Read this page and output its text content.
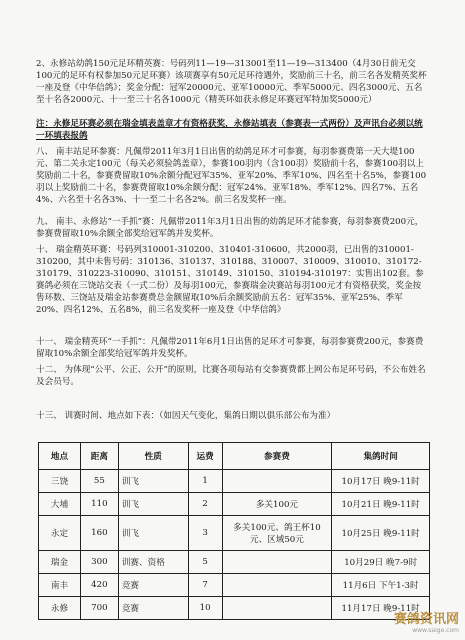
2、永修站幼鸽150元足环精英赛：号码列11—19—313001至11—19—313400（4月30日前无交100元的足环有权参加50元足环赛）该项赛享有50元足环待遇外，奖励前三十名，前三名各发精英奖杯一座及登《中华信鸽》；奖金分配：冠军20000元、亚军10000元、季军5000元、四名3000元、五名至十名各2000元、十一至三十名各1000元（精英环如获永修足环赛冠军特加奖5000元）
注：永修足环赛必须在瑞金填表盖章才有资格获奖，永修站填表（参赛表一式两份）及声讯台必须以统一环填表报鸽
八、 南丰站足环参赛：凡佩带2011年3月1日出售的幼鸽足环才可参赛，每羽参赛费第一天大堤100元、第二关永定100元（每关必须验鸽盖章），参赛100羽内（含100羽）奖励前十名，参赛100羽以上奖励前二十名，参赛费留取10%余额分配冠军35%、亚军20%、季军10%、四名至十名5%，参赛100羽以上奖励前二十名，参赛费留取10%余额分配：冠军24%、亚军18%、季军12%、四名7%、五名4%、六名至十名各3%、十一至二十名各2%。前三名发奖杯一座。
九、 南丰、永修站“一手抓”赛：凡佩带2011年3月1日出售的幼鸽足环才能参赛，每羽参赛费200元，参赛费留取10%余额全部奖给冠军鸽并发奖杯。
十、 瑞金精英环赛：号码列310001-310200、310401-310600，共2000羽，已出售的310001-310200，其中未售号码：310136、310137、310188、310007、310009、310010、310172-310179、310223-310090、310151、310149、310150、310194-310197：实售出102套。参赛鸽必须在三饶站交表（一式二份）及每羽100元，参赛瑞金决赛站每羽100元才有资格获奖，奖金按售环数、三饶站及瑞金站参赛费总金额留取10%后余额奖励前五名：冠军35%、亚军25%、季军20%、四名12%、五名8%，前三名发奖杯一座及登《中华信鸽》
十一、 瑞金精英环“一手抓”：凡佩带2011年6月1日出售的足环才可参赛，每羽参赛费200元，参赛费留取10%余额全部奖给冠军鸽并发奖杯。
十二、 为体现“公平、公正、公开”的原则，比赛各项每站有交参赛费都上网公布足环号码，不公布姓名及会员号。
十三、 训赛时间、地点如下表：（如因天气变化，集鸽日期以俱乐部公布为准）
地点	距离	性质	运费	参赛费	集鸽时间
三饶	55	训飞	1		10月17日 晚9-11时
大埔	110	训飞	2	多关100元	10月21日 晚9-11时
永定	160	训飞	3	多关100元、鸽王杯10元、区域50元	10月25日 晚9-11时
瑞金	300	训赛、资格	5		10月29日 晚7-9时
南丰	420	竞赛	7		11月6日 下午1-3时
永修	700	竞赛	10		11月17日 晚9-11时
赛鸽资讯网
www.saige.com
